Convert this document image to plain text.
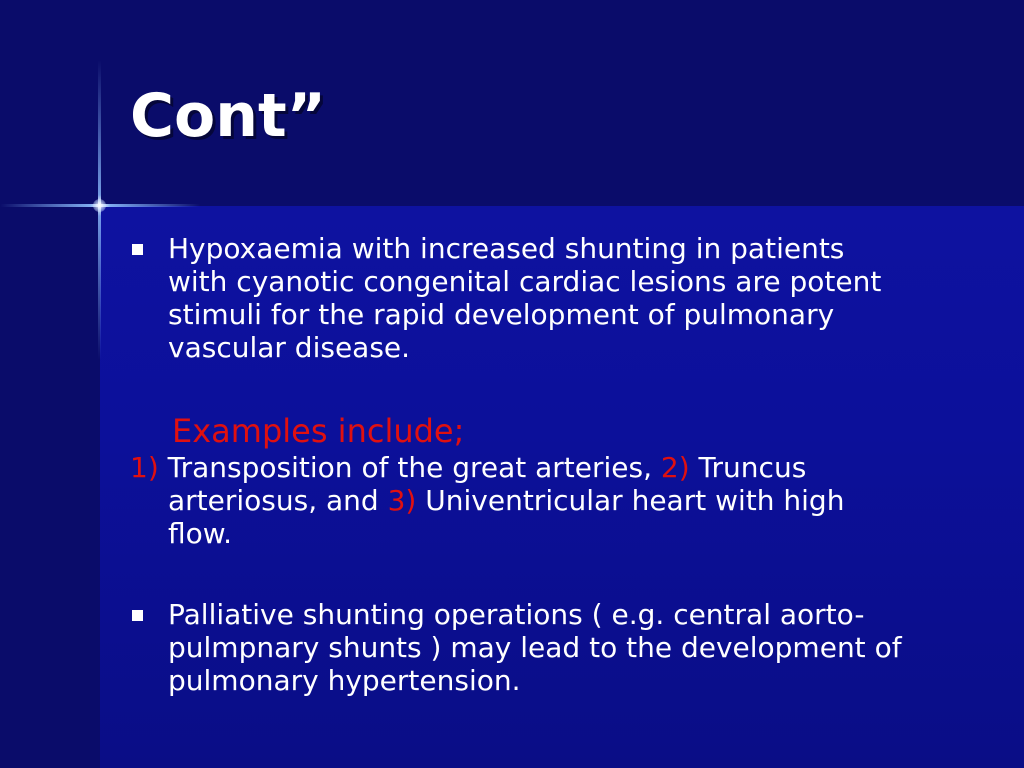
Cont”
Hypoxaemia with increased shunting in patients
with cyanotic congenital cardiac lesions are potent
stimuli for the rapid development of pulmonary
vascular disease.
Examples include;
1) Transposition of the great arteries, 2) Truncus
arteriosus, and 3) Univentricular heart with high
flow.
Palliative shunting operations ( e.g. central aorto-
pulmpnary shunts ) may lead to the development of
pulmonary hypertension.
